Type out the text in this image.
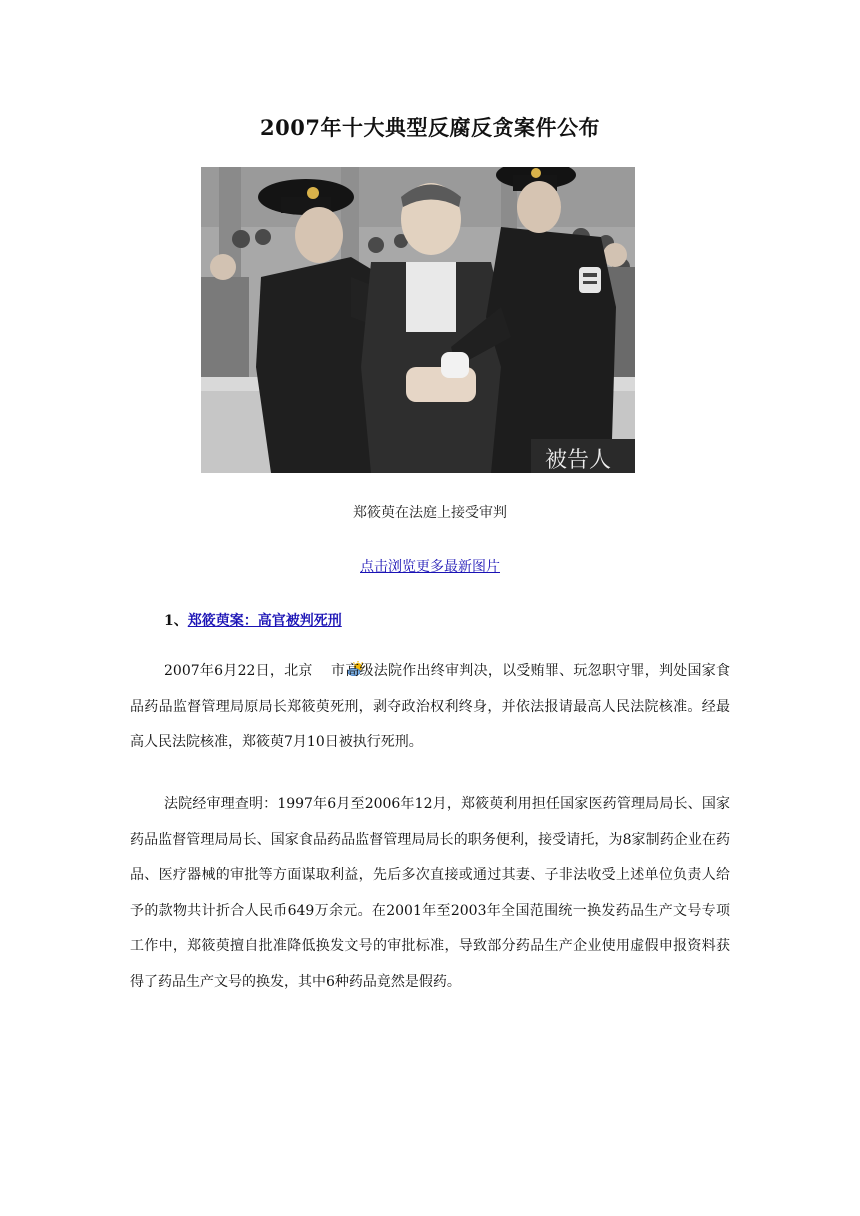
2007年十大典型反腐反贪案件公布
被告人
郑筱萸在法庭上接受审判
点击浏览更多最新图片
1、郑筱萸案：高官被判死刑

2007年6月22日，北京 市高级法院作出终审判决，以受贿罪、玩忽职守罪，判处国家食品药品监督管理局原局长郑筱萸死刑，剥夺政治权利终身，并依法报请最高人民法院核准。经最高人民法院核准，郑筱萸7月10日被执行死刑。

法院经审理查明：1997年6月至2006年12月，郑筱萸利用担任国家医药管理局局长、国家药品监督管理局局长、国家食品药品监督管理局局长的职务便利，接受请托，为8家制药企业在药品、医疗器械的审批等方面谋取利益，先后多次直接或通过其妻、子非法收受上述单位负责人给予的款物共计折合人民币649万余元。在2001年至2003年全国范围统一换发药品生产文号专项工作中，郑筱萸擅自批准降低换发文号的审批标准，导致部分药品生产企业使用虚假申报资料获得了药品生产文号的换发，其中6种药品竟然是假药。
